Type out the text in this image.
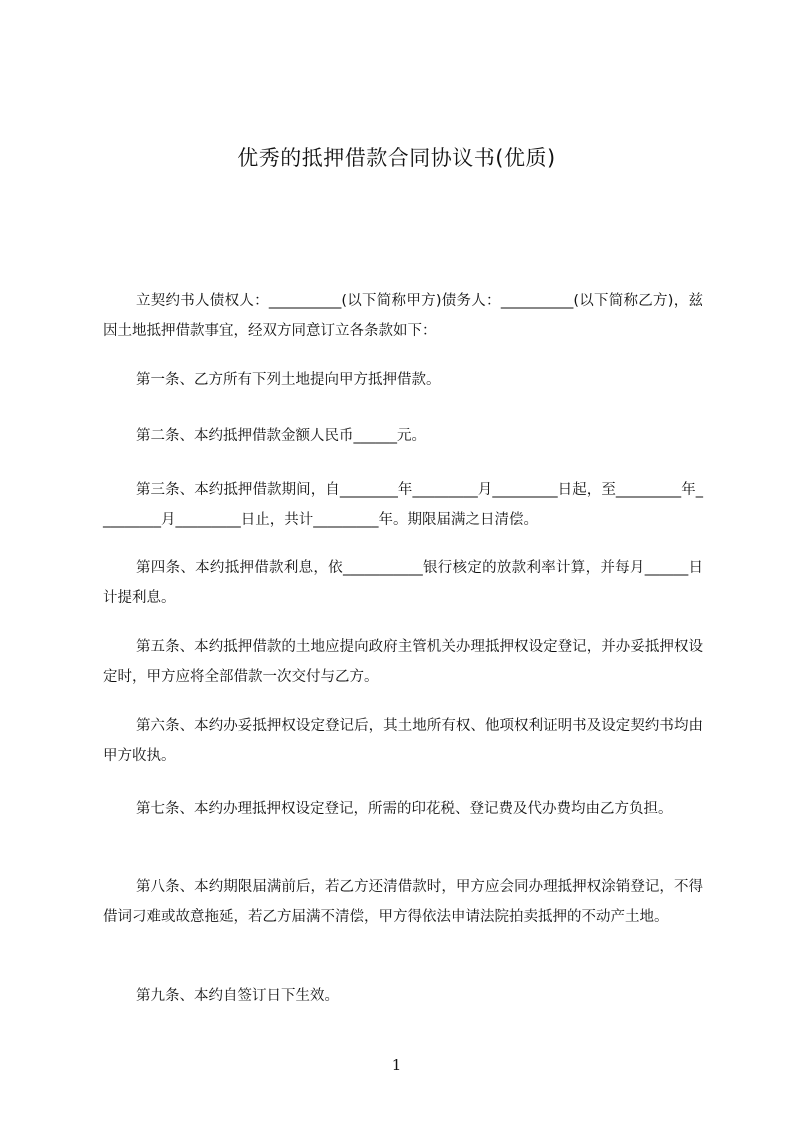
优秀的抵押借款合同协议书(优质)

立契约书人债权人：__________(以下简称甲方)债务人：__________(以下简称乙方)，兹因土地抵押借款事宜，经双方同意订立各条款如下：

第一条、乙方所有下列土地提向甲方抵押借款。

第二条、本约抵押借款金额人民币______元。

第三条、本约抵押借款期间，自________年_________月_________日起，至_________年_________月_________日止，共计_________年。期限届满之日清偿。

第四条、本约抵押借款利息，依___________银行核定的放款利率计算，并每月______日计提利息。

第五条、本约抵押借款的土地应提向政府主管机关办理抵押权设定登记，并办妥抵押权设定时，甲方应将全部借款一次交付与乙方。

第六条、本约办妥抵押权设定登记后，其土地所有权、他项权利证明书及设定契约书均由甲方收执。

第七条、本约办理抵押权设定登记，所需的印花税、登记费及代办费均由乙方负担。

第八条、本约期限届满前后，若乙方还清借款时，甲方应会同办理抵押权涂销登记，不得借词刁难或故意拖延，若乙方届满不清偿，甲方得依法申请法院拍卖抵押的不动产土地。

第九条、本约自签订日下生效。

1
